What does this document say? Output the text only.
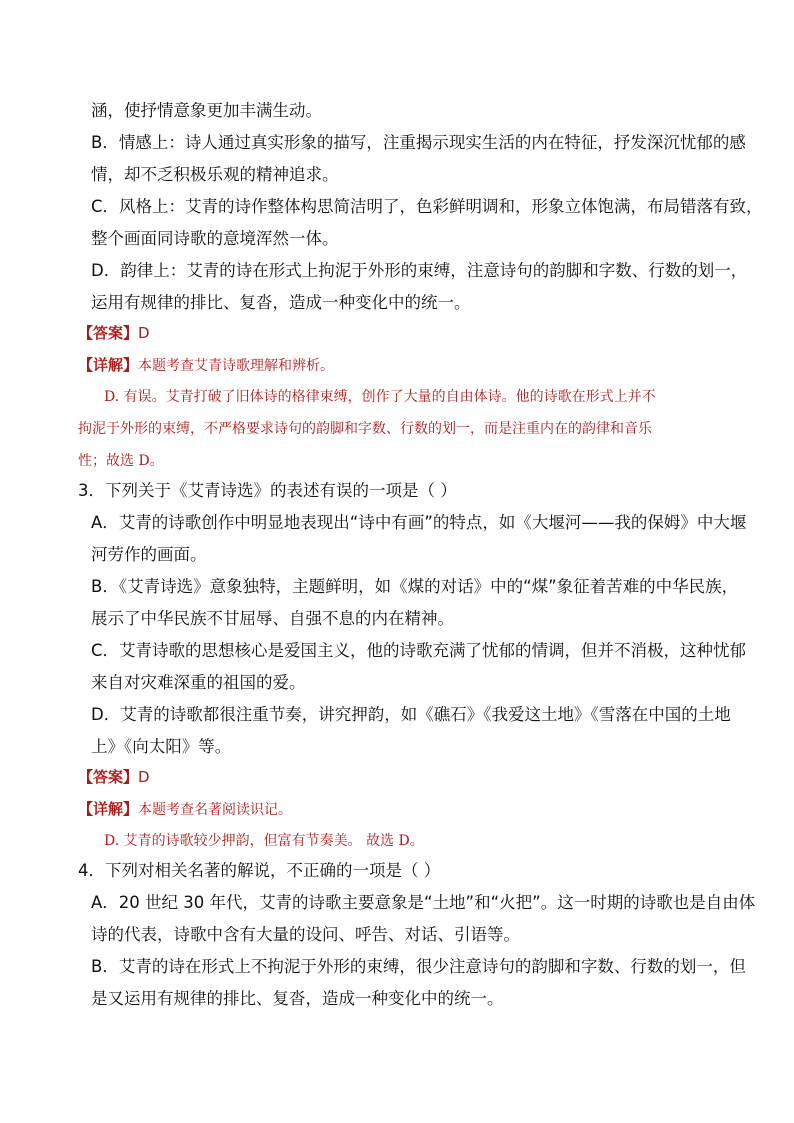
涵，使抒情意象更加丰满生动。
B．情感上：诗人通过真实形象的描写，注重揭示现实生活的内在特征，抒发深沉忧郁的感
情，却不乏积极乐观的精神追求。
C．风格上：艾青的诗作整体构思简洁明了，色彩鲜明调和，形象立体饱满，布局错落有致，
整个画面同诗歌的意境浑然一体。
D．韵律上：艾青的诗在形式上拘泥于外形的束缚，注意诗句的韵脚和字数、行数的划一，
运用有规律的排比、复沓，造成一种变化中的统一。
【答案】D
【详解】本题考查艾青诗歌理解和辨析。
D. 有误。艾青打破了旧体诗的格律束缚，创作了大量的自由体诗。他的诗歌在形式上并不
拘泥于外形的束缚，不严格要求诗句的韵脚和字数、行数的划一，而是注重内在的韵律和音乐
性；故选 D。
3．下列关于《艾青诗选》的表述有误的一项是（ ）
A．艾青的诗歌创作中明显地表现出“诗中有画”的特点，如《大堰河——我的保姆》中大堰
河劳作的画面。
B．《艾青诗选》意象独特，主题鲜明，如《煤的对话》中的“煤”象征着苦难的中华民族，
展示了中华民族不甘屈辱、自强不息的内在精神。
C．艾青诗歌的思想核心是爱国主义，他的诗歌充满了忧郁的情调，但并不消极，这种忧郁
来自对灾难深重的祖国的爱。
D．艾青的诗歌都很注重节奏，讲究押韵，如《礁石》《我爱这土地》《雪落在中国的土地
上》《向太阳》等。
【答案】D
【详解】本题考查名著阅读识记。
D. 艾青的诗歌较少押韵，但富有节奏美。 故选 D。
4．下列对相关名著的解说，不正确的一项是（ ）
A．20 世纪 30 年代，艾青的诗歌主要意象是“土地”和“火把”。这一时期的诗歌也是自由体
诗的代表，诗歌中含有大量的设问、呼告、对话、引语等。
B．艾青的诗在形式上不拘泥于外形的束缚，很少注意诗句的韵脚和字数、行数的划一，但
是又运用有规律的排比、复沓，造成一种变化中的统一。
